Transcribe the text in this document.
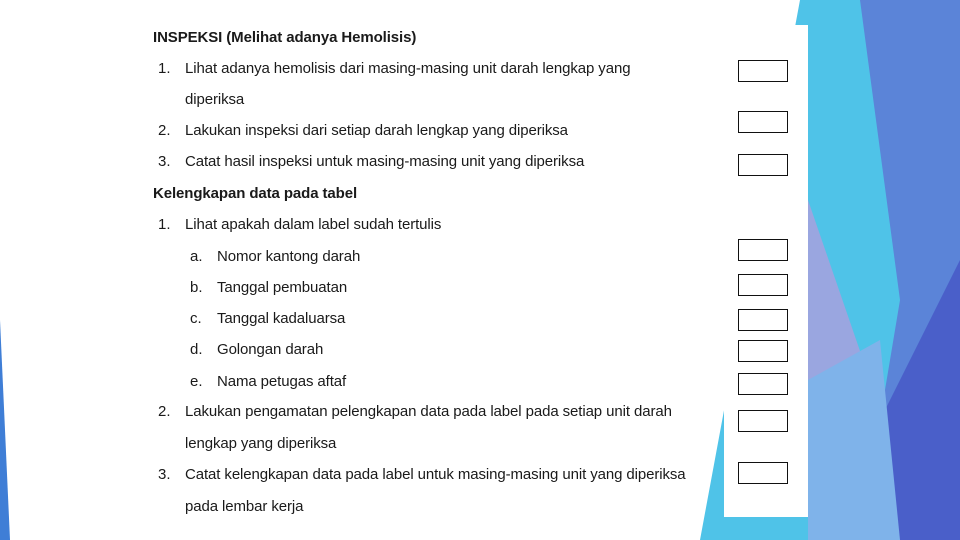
INSPEKSI (Melihat adanya Hemolisis)
1. Lihat adanya hemolisis dari masing-masing unit darah lengkap yang
diperiksa
2. Lakukan inspeksi dari setiap darah lengkap yang diperiksa
3. Catat hasil inspeksi untuk masing-masing unit yang diperiksa
Kelengkapan data pada tabel
1. Lihat apakah dalam label sudah tertulis
a. Nomor kantong darah
b. Tanggal pembuatan
c. Tanggal kadaluarsa
d. Golongan darah
e. Nama petugas aftaf
2. Lakukan pengamatan pelengkapan data pada label pada setiap unit darah
lengkap yang diperiksa
3. Catat kelengkapan data pada label untuk masing-masing unit yang diperiksa
pada lembar kerja
